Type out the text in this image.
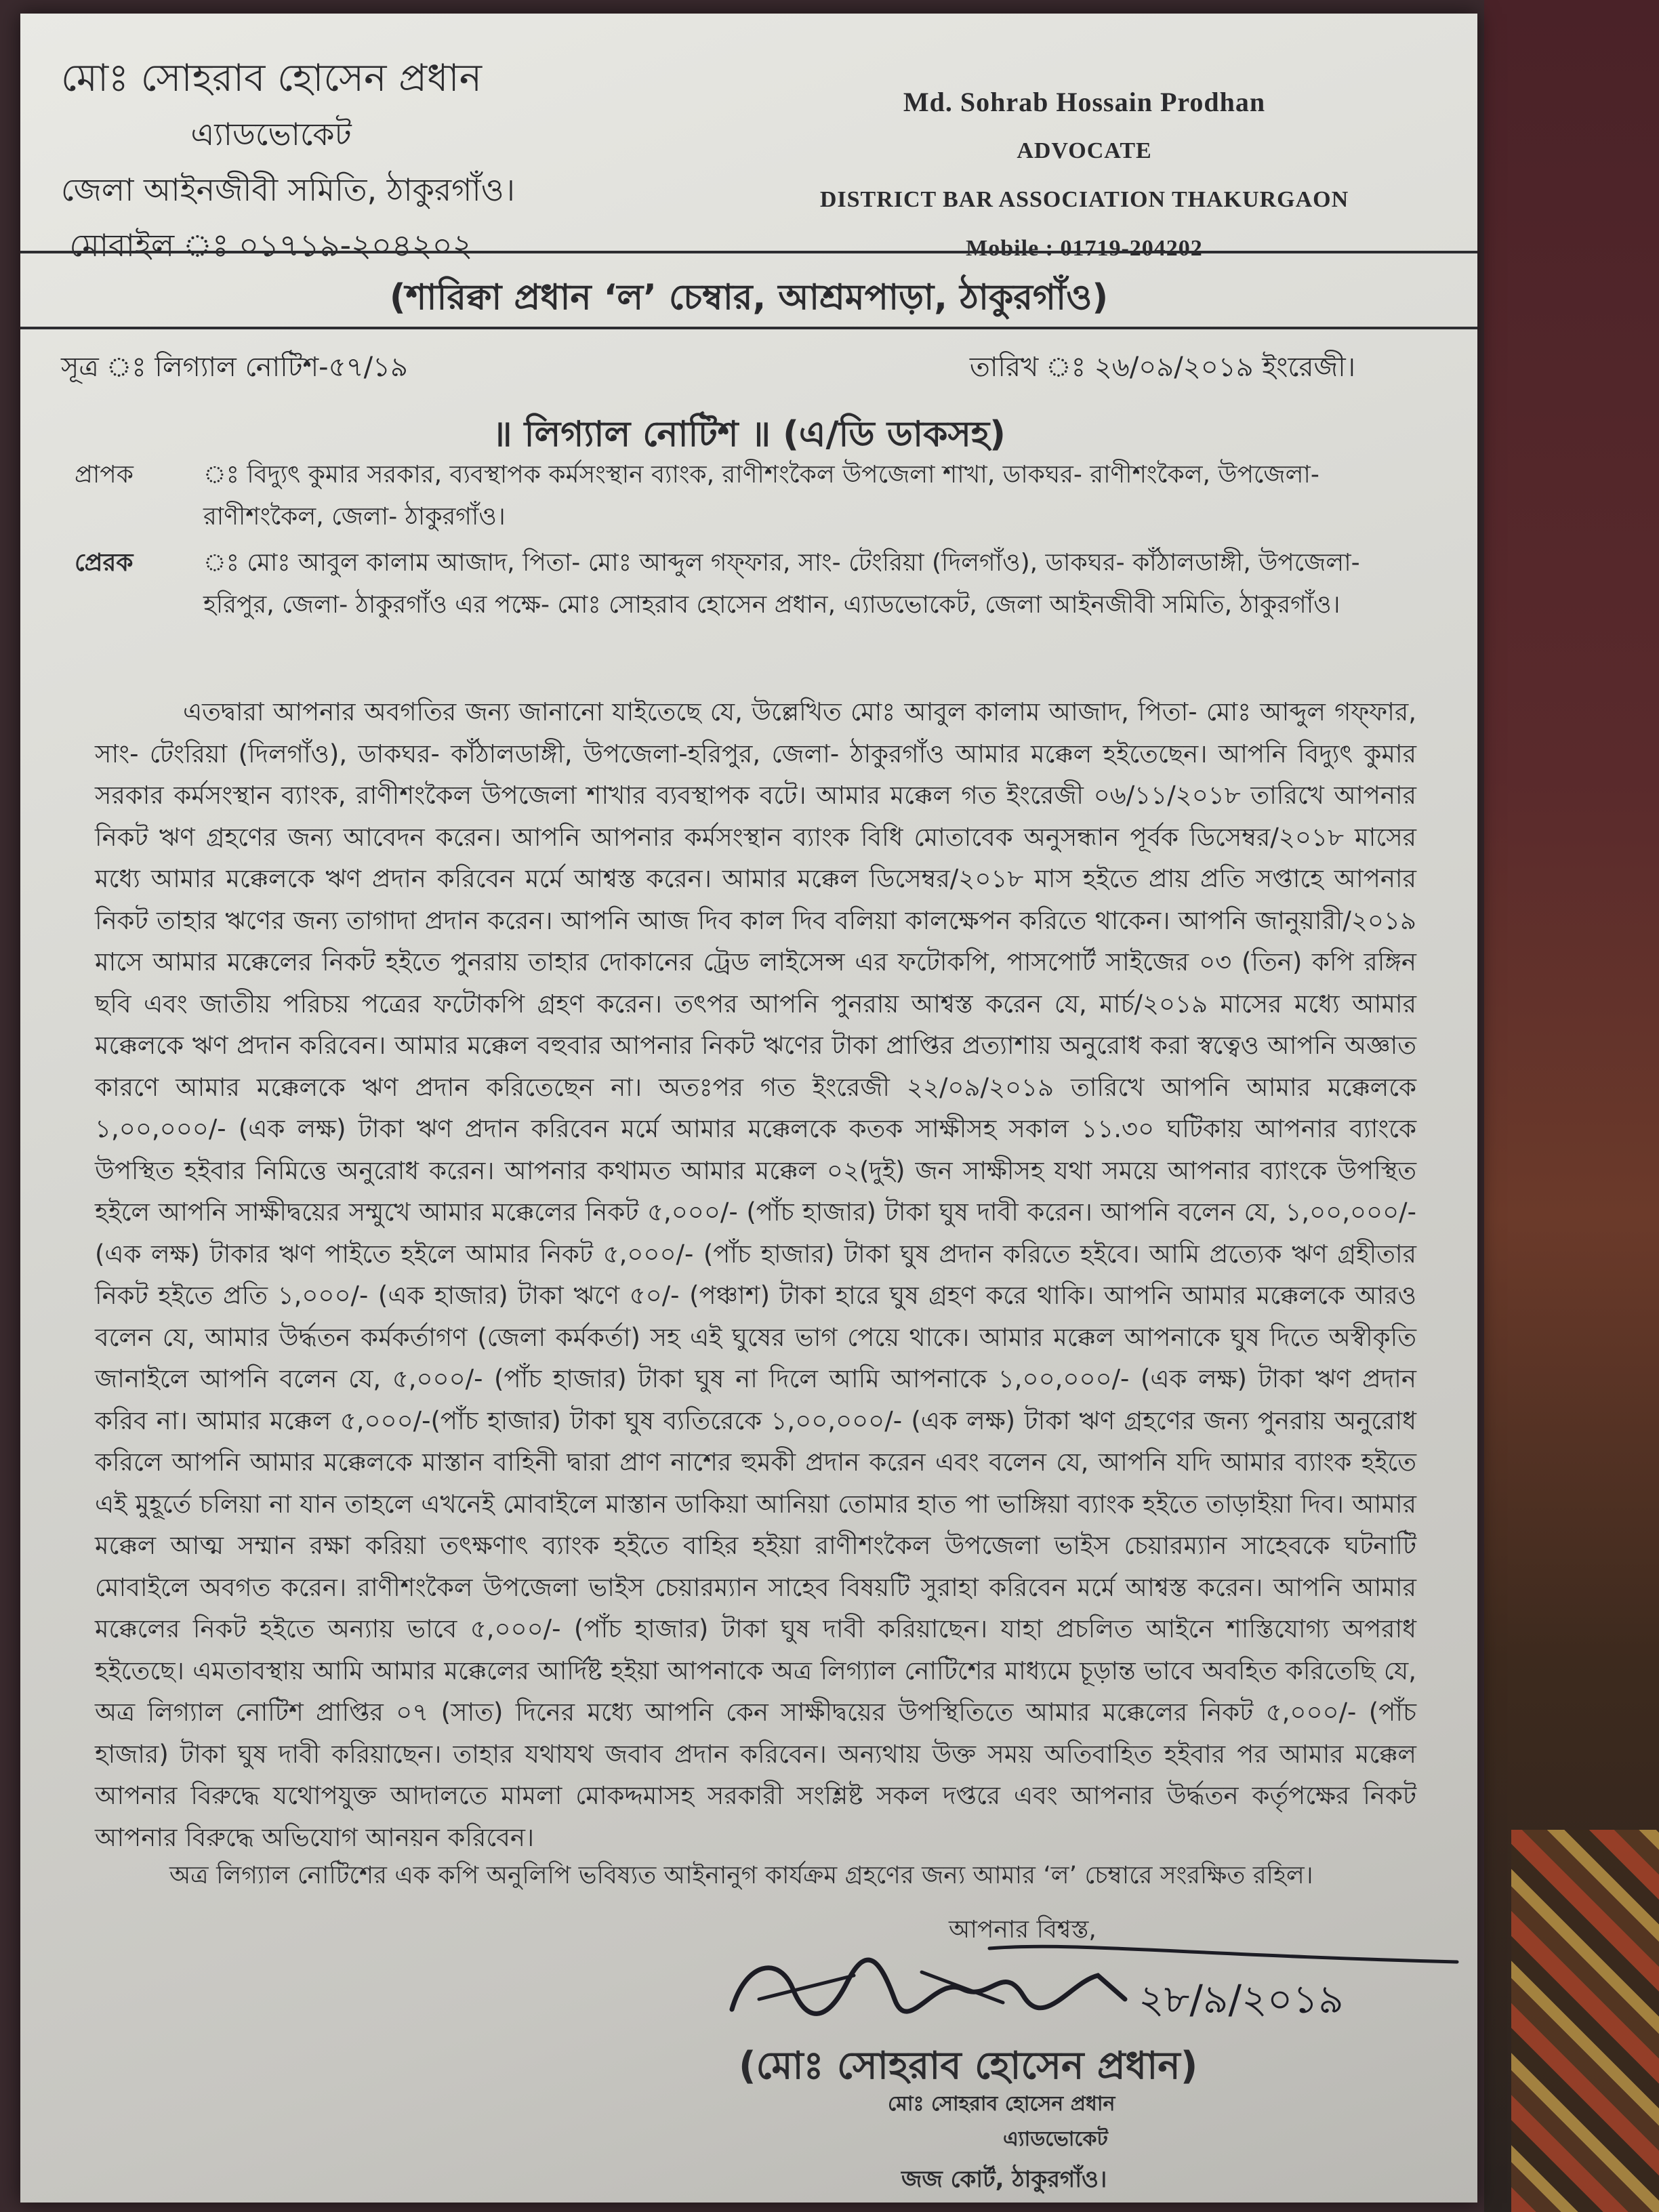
মোঃ সোহরাব হোসেন প্রধান
এ্যাডভোকেট
জেলা আইনজীবী সমিতি, ঠাকুরগাঁও।
মোবাইল ঃ ০১৭১৯-২০৪২০২
Md. Sohrab Hossain Prodhan
ADVOCATE
DISTRICT BAR ASSOCIATION THAKURGAON
Mobile : 01719-204202
(শারিক্বা প্রধান ‘ল’ চেম্বার, আশ্রমপাড়া, ঠাকুরগাঁও)
সূত্র ঃ লিগ্যাল নোটিশ-৫৭/১৯	তারিখ ঃ ২৬/০৯/২০১৯ ইংরেজী।
॥ লিগ্যাল নোটিশ ॥ (এ/ডি ডাকসহ)
প্রাপক	ঃ বিদ্যুৎ কুমার সরকার, ব্যবস্থাপক কর্মসংস্থান ব্যাংক, রাণীশংকৈল উপজেলা শাখা, ডাকঘর- রাণীশংকৈল, উপজেলা- রাণীশংকৈল, জেলা- ঠাকুরগাঁও।
প্রেরক	ঃ মোঃ আবুল কালাম আজাদ, পিতা- মোঃ আব্দুল গফ্ফার, সাং- টেংরিয়া (দিলগাঁও), ডাকঘর- কাঁঠালডাঙ্গী, উপজেলা- হরিপুর, জেলা- ঠাকুরগাঁও এর পক্ষে- মোঃ সোহরাব হোসেন প্রধান, এ্যাডভোকেট, জেলা আইনজীবী সমিতি, ঠাকুরগাঁও।
এতদ্বারা আপনার অবগতির জন্য জানানো যাইতেছে যে, উল্লেখিত মোঃ আবুল কালাম আজাদ, পিতা- মোঃ আব্দুল গফ্ফার, সাং- টেংরিয়া (দিলগাঁও), ডাকঘর- কাঁঠালডাঙ্গী, উপজেলা-হরিপুর, জেলা- ঠাকুরগাঁও আমার মক্কেল হইতেছেন। আপনি বিদ্যুৎ কুমার সরকার কর্মসংস্থান ব্যাংক, রাণীশংকৈল উপজেলা শাখার ব্যবস্থাপক বটে। আমার মক্কেল গত ইংরেজী ০৬/১১/২০১৮ তারিখে আপনার নিকট ঋণ গ্রহণের জন্য আবেদন করেন। আপনি আপনার কর্মসংস্থান ব্যাংক বিধি মোতাবেক অনুসন্ধান পূর্বক ডিসেম্বর/২০১৮ মাসের মধ্যে আমার মক্কেলকে ঋণ প্রদান করিবেন মর্মে আশ্বস্ত করেন। আমার মক্কেল ডিসেম্বর/২০১৮ মাস হইতে প্রায় প্রতি সপ্তাহে আপনার নিকট তাহার ঋণের জন্য তাগাদা প্রদান করেন। আপনি আজ দিব কাল দিব বলিয়া কালক্ষেপন করিতে থাকেন। আপনি জানুয়ারী/২০১৯ মাসে আমার মক্কেলের নিকট হইতে পুনরায় তাহার দোকানের ট্রেড লাইসেন্স এর ফটোকপি, পাসপোর্ট সাইজের ০৩ (তিন) কপি রঙ্গিন ছবি এবং জাতীয় পরিচয় পত্রের ফটোকপি গ্রহণ করেন। তৎপর আপনি পুনরায় আশ্বস্ত করেন যে, মার্চ/২০১৯ মাসের মধ্যে আমার মক্কেলকে ঋণ প্রদান করিবেন। আমার মক্কেল বহুবার আপনার নিকট ঋণের টাকা প্রাপ্তির প্রত্যাশায় অনুরোধ করা স্বত্বেও আপনি অজ্ঞাত কারণে আমার মক্কেলকে ঋণ প্রদান করিতেছেন না। অতঃপর গত ইংরেজী ২২/০৯/২০১৯ তারিখে আপনি আমার মক্কেলকে ১,০০,০০০/- (এক লক্ষ) টাকা ঋণ প্রদান করিবেন মর্মে আমার মক্কেলকে কতক সাক্ষীসহ সকাল ১১.৩০ ঘটিকায় আপনার ব্যাংকে উপস্থিত হইবার নিমিত্তে অনুরোধ করেন। আপনার কথামত আমার মক্কেল ০২(দুই) জন সাক্ষীসহ যথা সময়ে আপনার ব্যাংকে উপস্থিত হইলে আপনি সাক্ষীদ্বয়ের সম্মুখে আমার মক্কেলের নিকট ৫,০০০/- (পাঁচ হাজার) টাকা ঘুষ দাবী করেন। আপনি বলেন যে, ১,০০,০০০/- (এক লক্ষ) টাকার ঋণ পাইতে হইলে আমার নিকট ৫,০০০/- (পাঁচ হাজার) টাকা ঘুষ প্রদান করিতে হইবে। আমি প্রত্যেক ঋণ গ্রহীতার নিকট হইতে প্রতি ১,০০০/- (এক হাজার) টাকা ঋণে ৫০/- (পঞ্চাশ) টাকা হারে ঘুষ গ্রহণ করে থাকি। আপনি আমার মক্কেলকে আরও বলেন যে, আমার উর্দ্ধতন কর্মকর্তাগণ (জেলা কর্মকর্তা) সহ এই ঘুষের ভাগ পেয়ে থাকে। আমার মক্কেল আপনাকে ঘুষ দিতে অস্বীকৃতি জানাইলে আপনি বলেন যে, ৫,০০০/- (পাঁচ হাজার) টাকা ঘুষ না দিলে আমি আপনাকে ১,০০,০০০/- (এক লক্ষ) টাকা ঋণ প্রদান করিব না। আমার মক্কেল ৫,০০০/-(পাঁচ হাজার) টাকা ঘুষ ব্যতিরেকে ১,০০,০০০/- (এক লক্ষ) টাকা ঋণ গ্রহণের জন্য পুনরায় অনুরোধ করিলে আপনি আমার মক্কেলকে মাস্তান বাহিনী দ্বারা প্রাণ নাশের হুমকী প্রদান করেন এবং বলেন যে, আপনি যদি আমার ব্যাংক হইতে এই মুহূর্তে চলিয়া না যান তাহলে এখনেই মোবাইলে মাস্তান ডাকিয়া আনিয়া তোমার হাত পা ভাঙ্গিয়া ব্যাংক হইতে তাড়াইয়া দিব। আমার মক্কেল আত্ম সম্মান রক্ষা করিয়া তৎক্ষণাৎ ব্যাংক হইতে বাহির হইয়া রাণীশংকৈল উপজেলা ভাইস চেয়ারম্যান সাহেবকে ঘটনাটি মোবাইলে অবগত করেন। রাণীশংকৈল উপজেলা ভাইস চেয়ারম্যান সাহেব বিষয়টি সুরাহা করিবেন মর্মে আশ্বস্ত করেন। আপনি আমার মক্কেলের নিকট হইতে অন্যায় ভাবে ৫,০০০/- (পাঁচ হাজার) টাকা ঘুষ দাবী করিয়াছেন। যাহা প্রচলিত আইনে শাস্তিযোগ্য অপরাধ হইতেছে। এমতাবস্থায় আমি আমার মক্কেলের আর্দিষ্ট হইয়া আপনাকে অত্র লিগ্যাল নোটিশের মাধ্যমে চূড়ান্ত ভাবে অবহিত করিতেছি যে, অত্র লিগ্যাল নোটিশ প্রাপ্তির ০৭ (সাত) দিনের মধ্যে আপনি কেন সাক্ষীদ্বয়ের উপস্থিতিতে আমার মক্কেলের নিকট ৫,০০০/- (পাঁচ হাজার) টাকা ঘুষ দাবী করিয়াছেন। তাহার যথাযথ জবাব প্রদান করিবেন। অন্যথায় উক্ত সময় অতিবাহিত হইবার পর আমার মক্কেল আপনার বিরুদ্ধে যথোপযুক্ত আদালতে মামলা মোকদ্দমাসহ সরকারী সংশ্লিষ্ট সকল দপ্তরে এবং আপনার উর্দ্ধতন কর্তৃপক্ষের নিকট আপনার বিরুদ্ধে অভিযোগ আনয়ন করিবেন।
অত্র লিগ্যাল নোটিশের এক কপি অনুলিপি ভবিষ্যত আইনানুগ কার্যক্রম গ্রহণের জন্য আমার ‘ল’ চেম্বারে সংরক্ষিত রহিল।
আপনার বিশ্বস্ত,
২৮/৯/২০১৯
(মোঃ সোহরাব হোসেন প্রধান)
মোঃ সোহরাব হোসেন প্রধান
এ্যাডভোকেট
জজ কোর্ট, ঠাকুরগাঁও।
